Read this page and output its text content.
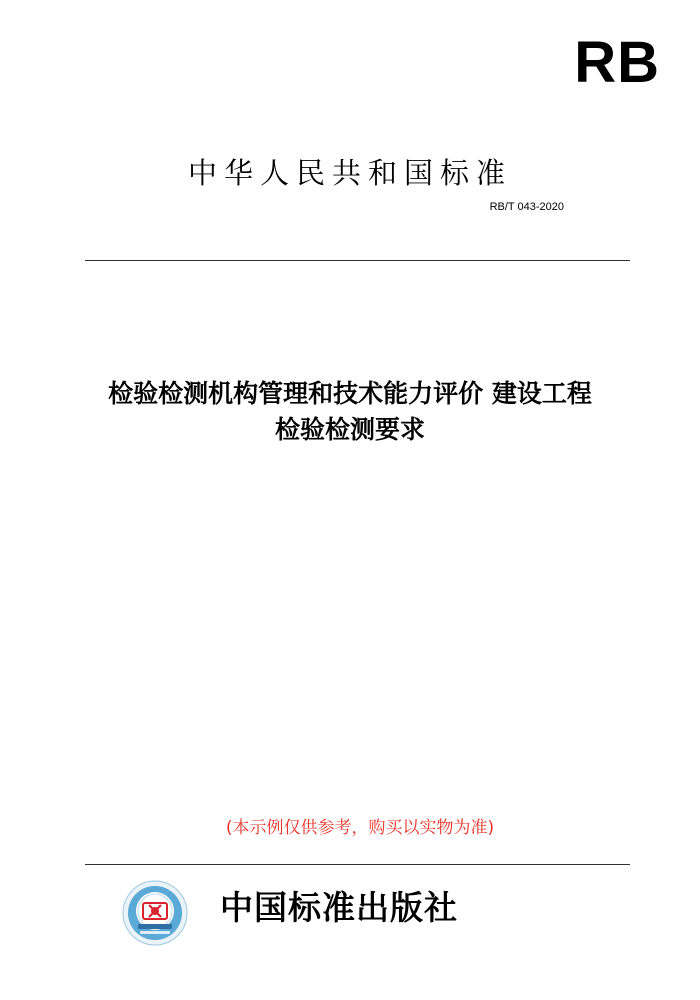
RB
中华人民共和国标准
RB/T 043-2020
检验检测机构管理和技术能力评价 建设工程
检验检测要求
(本示例仅供参考，购买以实物为准)
中国标准出版社
